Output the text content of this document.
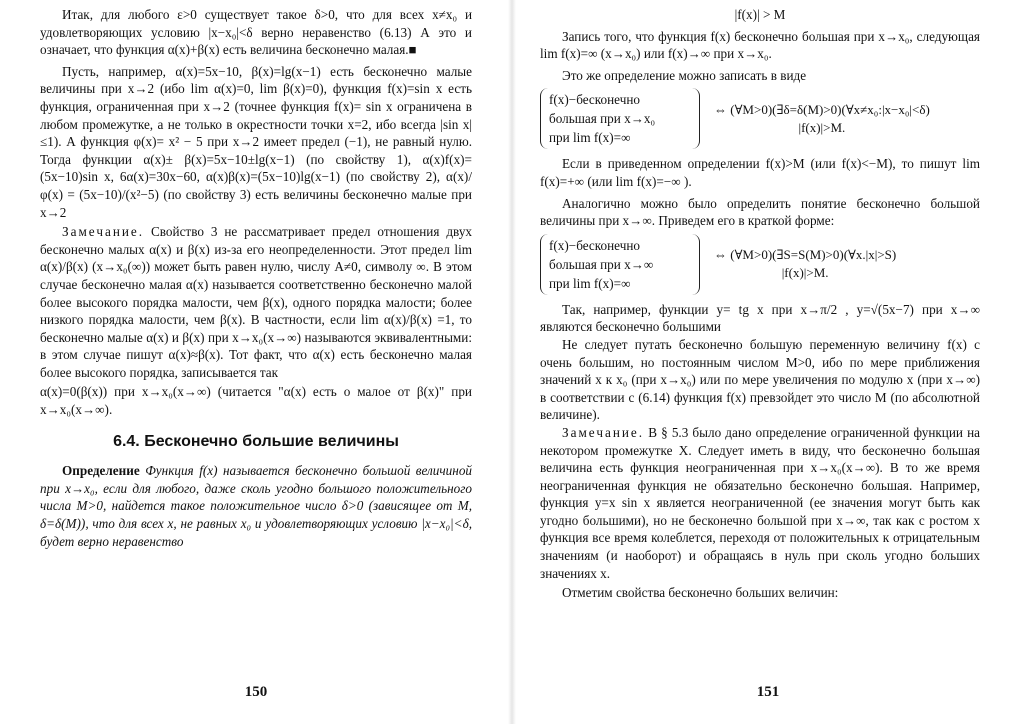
Итак, для любого ε>0 существует такое δ>0, что для всех x≠x₀ и удовлетворяющих условию |x−x₀|<δ верно неравенство (6.13) А это и означает, что функция α(x)+β(x) есть величина бесконечно малая.■

Пусть, например, α(x)=5x−10, β(x)=lg(x−1) есть бесконечно малые величины при x→2 (ибо lim α(x)=0, lim β(x)=0), функция f(x)=sin x есть функция, ограниченная при x→2 (точнее функция f(x)= sin x ограничена в любом промежутке, а не только в окрестности точки x=2, ибо всегда |sin x|≤1). А функция φ(x)= x² − 5 при x→2 имеет предел (−1), не равный нулю. Тогда функции α(x)± β(x)=5x−10±lg(x−1) (по свойству 1), α(x)f(x)=(5x−10)sin x, 6α(x)=30x−60, α(x)β(x)=(5x−10)lg(x−1) (по свойству 2), α(x)/φ(x) = (5x−10)/(x²−5) (по свойству 3) есть величины бесконечно малые при x→2

Замечание. Свойство 3 не рассматривает предел отношения двух бесконечно малых α(x) и β(x) из-за его неопределенности. Этот предел lim α(x)/β(x) (x→x₀(∞)) может быть равен нулю, числу A≠0, символу ∞. В этом случае бесконечно малая α(x) называется соответственно бесконечно малой более высокого порядка малости, чем β(x), одного порядка малости; более низкого порядка малости, чем β(x). В частности, если lim α(x)/β(x) =1, то бесконечно малые α(x) и β(x) при x→x₀(x→∞) называются эквивалентными: в этом случае пишут α(x)≈β(x). Тот факт, что α(x) есть бесконечно малая более высокого порядка, записывается так

α(x)=0(β(x)) при x→x₀(x→∞) (читается "α(x) есть о малое от β(x)" при x→x₀(x→∞).

6.4. Бесконечно большие величины

Определение Функция f(x) называется бесконечно большой величиной при x→x₀, если для любого, даже сколь угодно большого положительного числа M>0, найдется такое положительное число δ>0 (зависящее от M, δ=δ(M)), что для всех x, не равных x₀ и удовлетворяющих условию |x−x₀|<δ, будет верно неравенство

150

|f(x)| > M

Запись того, что функция f(x) бесконечно большая при x→x₀, следующая lim f(x)=∞ (x→x₀) или f(x)→∞ при x→x₀.

Это же определение можно записать в виде

f(x)−бесконечно
большая при x→x₀
при lim f(x)=∞
⇔ (∀M>0)(∃δ=δ(M)>0)(∀x≠x₀:|x−x₀|<δ)
|f(x)|>M.

Если в приведенном определении f(x)>M (или f(x)<−M), то пишут lim f(x)=+∞ (или lim f(x)=−∞ ).

Аналогично можно было определить понятие бесконечно большой величины при x→∞. Приведем его в краткой форме:

f(x)−бесконечно
большая при x→∞
при lim f(x)=∞
⇔ (∀M>0)(∃S=S(M)>0)(∀x.|x|>S)
|f(x)|>M.

Так, например, функции y= tg x при x→π/2 , y=√(5x−7) при x→∞ являются бесконечно большими

Не следует путать бесконечно большую переменную величину f(x) с очень большим, но постоянным числом M>0, ибо по мере приближения значений x к x₀ (при x→x₀) или по мере увеличения по модулю x (при x→∞) в соответствии с (6.14) функция f(x) превзойдет это число M (по абсолютной величине).

Замечание. В § 5.3 было дано определение ограниченной функции на некотором промежутке X. Следует иметь в виду, что бесконечно большая величина есть функция неограниченная при x→x₀(x→∞). В то же время неограниченная функция не обязательно бесконечно большая. Например, функция y=x sin x является неограниченной (ее значения могут быть как угодно большими), но не бесконечно большой при x→∞, так как с ростом x функция все время колеблется, переходя от положительных к отрицательным значениям (и наоборот) и обращаясь в нуль при сколь угодно больших значениях x.

Отметим свойства бесконечно больших величин:

151
